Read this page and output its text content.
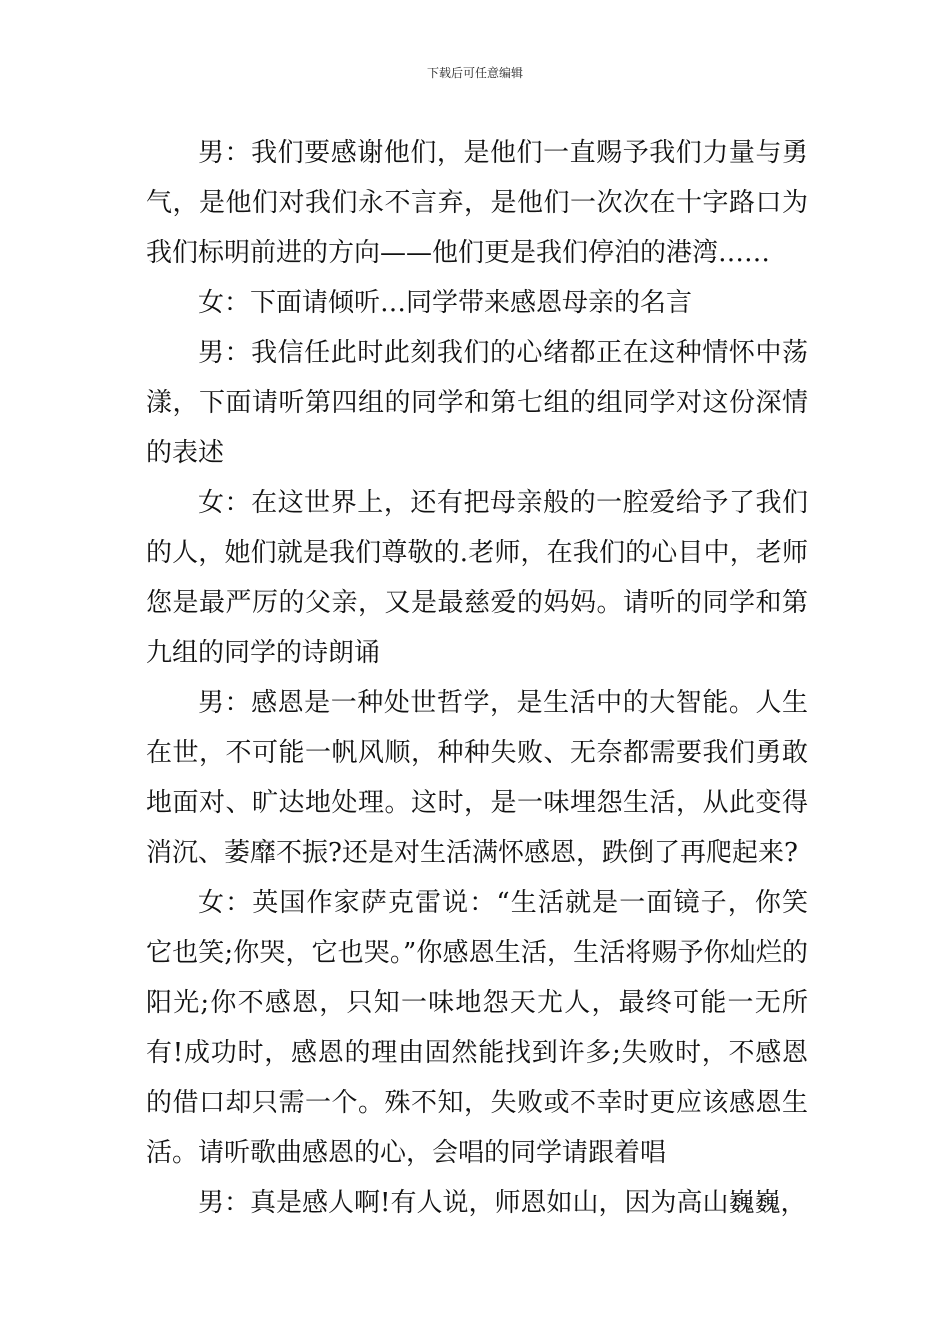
下载后可任意编辑

男：我们要感谢他们，是他们一直赐予我们力量与勇气，是他们对我们永不言弃，是他们一次次在十字路口为我们标明前进的方向——他们更是我们停泊的港湾……

女：下面请倾听…同学带来感恩母亲的名言

男：我信任此时此刻我们的心绪都正在这种情怀中荡漾，下面请听第四组的同学和第七组的组同学对这份深情的表述

女：在这世界上，还有把母亲般的一腔爱给予了我们的人，她们就是我们尊敬的.老师，在我们的心目中，老师您是最严厉的父亲，又是最慈爱的妈妈。请听的同学和第九组的同学的诗朗诵

男：感恩是一种处世哲学，是生活中的大智能。人生在世，不可能一帆风顺，种种失败、无奈都需要我们勇敢地面对、旷达地处理。这时，是一味埋怨生活，从此变得消沉、萎靡不振?还是对生活满怀感恩，跌倒了再爬起来?

女：英国作家萨克雷说：“生活就是一面镜子，你笑它也笑;你哭，它也哭。”你感恩生活，生活将赐予你灿烂的阳光;你不感恩，只知一味地怨天尤人，最终可能一无所有!成功时，感恩的理由固然能找到许多;失败时，不感恩的借口却只需一个。殊不知，失败或不幸时更应该感恩生活。请听歌曲感恩的心，会唱的同学请跟着唱

男：真是感人啊!有人说，师恩如山，因为高山巍巍，
